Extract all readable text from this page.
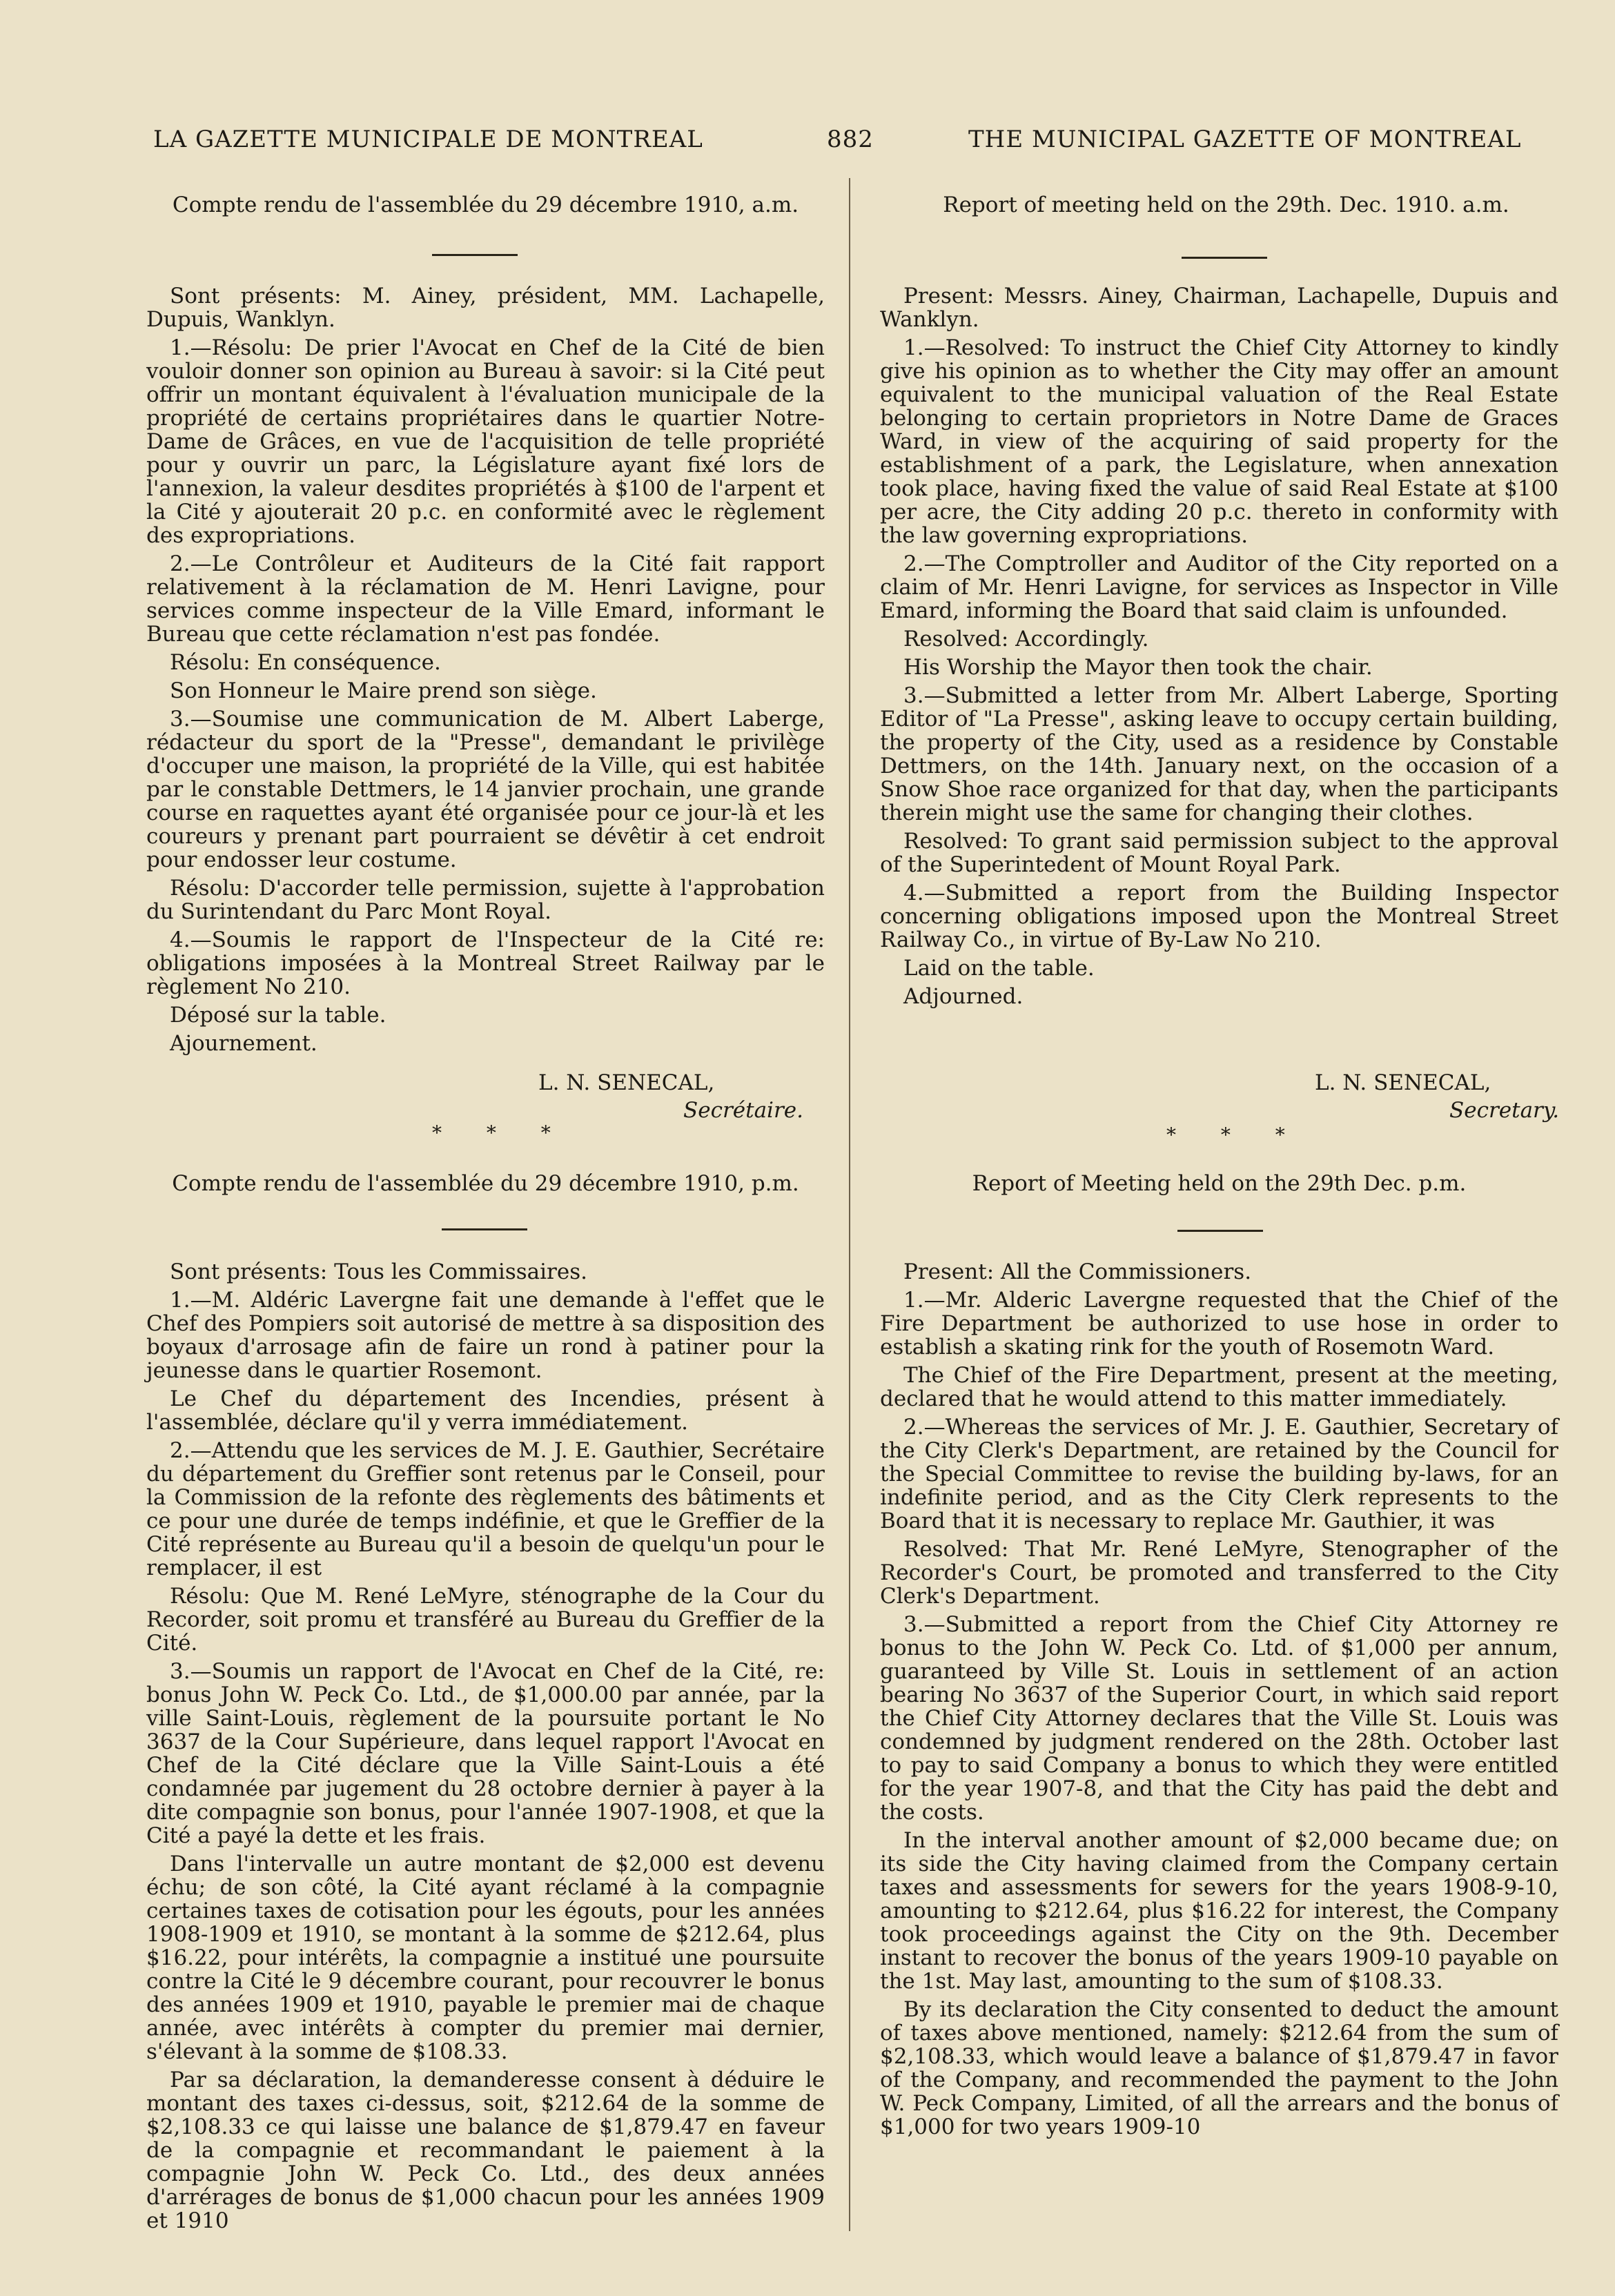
LA GAZETTE MUNICIPALE DE MONTREAL	882	THE MUNICIPAL GAZETTE OF MONTREAL
Compte rendu de l'assemblée du 29 décembre 1910, a.m.

Sont présents: M. Ainey, président, MM. Lachapelle, Dupuis, Wanklyn.

1.—Résolu: De prier l'Avocat en Chef de la Cité de bien vouloir donner son opinion au Bureau à savoir: si la Cité peut offrir un montant équivalent à l'évaluation municipale de la propriété de certains propriétaires dans le quartier Notre-Dame de Grâces, en vue de l'acquisition de telle propriété pour y ouvrir un parc, la Législature ayant fixé lors de l'annexion, la valeur desdites propriétés à $100 de l'arpent et la Cité y ajouterait 20 p.c. en conformité avec le règlement des expropriations.

2.—Le Contrôleur et Auditeurs de la Cité fait rapport relativement à la réclamation de M. Henri Lavigne, pour services comme inspecteur de la Ville Emard, informant le Bureau que cette réclamation n'est pas fondée.

Résolu: En conséquence.

Son Honneur le Maire prend son siège.

3.—Soumise une communication de M. Albert Laberge, rédacteur du sport de la "Presse", demandant le privilège d'occuper une maison, la propriété de la Ville, qui est habitée par le constable Dettmers, le 14 janvier prochain, une grande course en raquettes ayant été organisée pour ce jour-là et les coureurs y prenant part pourraient se dévêtir à cet endroit pour endosser leur costume.

Résolu: D'accorder telle permission, sujette à l'approbation du Surintendant du Parc Mont Royal.

4.—Soumis le rapport de l'Inspecteur de la Cité re: obligations imposées à la Montreal Street Railway par le règlement No 210.

Déposé sur la table.

Ajournement.

L. N. SENECAL,
Secrétaire.
* * *
Compte rendu de l'assemblée du 29 décembre 1910, p.m.

Sont présents: Tous les Commissaires.

1.—M. Aldéric Lavergne fait une demande à l'effet que le Chef des Pompiers soit autorisé de mettre à sa disposition des boyaux d'arrosage afin de faire un rond à patiner pour la jeunesse dans le quartier Rosemont.

Le Chef du département des Incendies, présent à l'assemblée, déclare qu'il y verra immédiatement.

2.—Attendu que les services de M. J. E. Gauthier, Secrétaire du département du Greffier sont retenus par le Conseil, pour la Commission de la refonte des règlements des bâtiments et ce pour une durée de temps indéfinie, et que le Greffier de la Cité représente au Bureau qu'il a besoin de quelqu'un pour le remplacer, il est

Résolu: Que M. René LeMyre, sténographe de la Cour du Recorder, soit promu et transféré au Bureau du Greffier de la Cité.

3.—Soumis un rapport de l'Avocat en Chef de la Cité, re: bonus John W. Peck Co. Ltd., de $1,000.00 par année, par la ville Saint-Louis, règlement de la poursuite portant le No 3637 de la Cour Supérieure, dans lequel rapport l'Avocat en Chef de la Cité déclare que la Ville Saint-Louis a été condamnée par jugement du 28 octobre dernier à payer à la dite compagnie son bonus, pour l'année 1907-1908, et que la Cité a payé la dette et les frais.

Dans l'intervalle un autre montant de $2,000 est devenu échu; de son côté, la Cité ayant réclamé à la compagnie certaines taxes de cotisation pour les égouts, pour les années 1908-1909 et 1910, se montant à la somme de $212.64, plus $16.22, pour intérêts, la compagnie a institué une poursuite contre la Cité le 9 décembre courant, pour recouvrer le bonus des années 1909 et 1910, payable le premier mai de chaque année, avec intérêts à compter du premier mai dernier, s'élevant à la somme de $108.33.

Par sa déclaration, la demanderesse consent à déduire le montant des taxes ci-dessus, soit, $212.64 de la somme de $2,108.33 ce qui laisse une balance de $1,879.47 en faveur de la compagnie et recommandant le paiement à la compagnie John W. Peck Co. Ltd., des deux années d'arrérages de bonus de $1,000 chacun pour les années 1909 et 1910

Report of meeting held on the 29th. Dec. 1910. a.m.

Present: Messrs. Ainey, Chairman, Lachapelle, Dupuis and Wanklyn.

1.—Resolved: To instruct the Chief City Attorney to kindly give his opinion as to whether the City may offer an amount equivalent to the municipal valuation of the Real Estate belonging to certain proprietors in Notre Dame de Graces Ward, in view of the acquiring of said property for the establishment of a park, the Legislature, when annexation took place, having fixed the value of said Real Estate at $100 per acre, the City adding 20 p.c. thereto in conformity with the law governing expropriations.

2.—The Comptroller and Auditor of the City reported on a claim of Mr. Henri Lavigne, for services as Inspector in Ville Emard, informing the Board that said claim is unfounded.

Resolved: Accordingly.

His Worship the Mayor then took the chair.

3.—Submitted a letter from Mr. Albert Laberge, Sporting Editor of "La Presse", asking leave to occupy certain building, the property of the City, used as a residence by Constable Dettmers, on the 14th. January next, on the occasion of a Snow Shoe race organized for that day, when the participants therein might use the same for changing their clothes.

Resolved: To grant said permission subject to the approval of the Superintedent of Mount Royal Park.

4.—Submitted a report from the Building Inspector concerning obligations imposed upon the Montreal Street Railway Co., in virtue of By-Law No 210.

Laid on the table.

Adjourned.

L. N. SENECAL,
Secretary.
* * *
Report of Meeting held on the 29th Dec. p.m.

Present: All the Commissioners.

1.—Mr. Alderic Lavergne requested that the Chief of the Fire Department be authorized to use hose in order to establish a skating rink for the youth of Rosemotn Ward.

The Chief of the Fire Department, present at the meeting, declared that he would attend to this matter immediately.

2.—Whereas the services of Mr. J. E. Gauthier, Secretary of the City Clerk's Department, are retained by the Council for the Special Committee to revise the building by-laws, for an indefinite period, and as the City Clerk represents to the Board that it is necessary to replace Mr. Gauthier, it was

Resolved: That Mr. René LeMyre, Stenographer of the Recorder's Court, be promoted and transferred to the City Clerk's Department.

3.—Submitted a report from the Chief City Attorney re bonus to the John W. Peck Co. Ltd. of $1,000 per annum, guaranteed by Ville St. Louis in settlement of an action bearing No 3637 of the Superior Court, in which said report the Chief City Attorney declares that the Ville St. Louis was condemned by judgment rendered on the 28th. October last to pay to said Company a bonus to which they were entitled for the year 1907-8, and that the City has paid the debt and the costs.

In the interval another amount of $2,000 became due; on its side the City having claimed from the Company certain taxes and assessments for sewers for the years 1908-9-10, amounting to $212.64, plus $16.22 for interest, the Company took proceedings against the City on the 9th. December instant to recover the bonus of the years 1909-10 payable on the 1st. May last, amounting to the sum of $108.33.

By its declaration the City consented to deduct the amount of taxes above mentioned, namely: $212.64 from the sum of $2,108.33, which would leave a balance of $1,879.47 in favor of the Company, and recommended the payment to the John W. Peck Company, Limited, of all the arrears and the bonus of $1,000 for two years 1909-10
